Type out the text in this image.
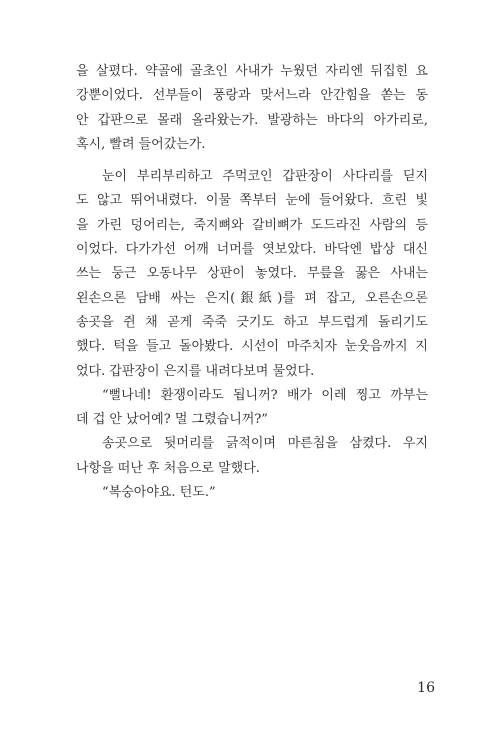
을 살폈다. 약골에 골초인 사내가 누웠던 자리엔 뒤집힌 요
강뿐이었다. 선부들이 풍랑과 맞서느라 안간힘을 쏟는 동
안 갑판으로 몰래 올라왔는가. 발광하는 바다의 아가리로,
혹시, 빨려 들어갔는가.
눈이 부리부리하고 주먹코인 갑판장이 사다리를 딛지
도 않고 뛰어내렸다. 이물 쪽부터 눈에 들어왔다. 흐린 빛
을 가린 덩어리는, 죽지뼈와 갈비뼈가 도드라진 사람의 등
이었다. 다가가선 어깨 너머를 엿보았다. 바닥엔 밥상 대신
쓰는 둥근 오동나무 상판이 놓였다. 무릎을 꿇은 사내는
왼손으론 담배 싸는 은지(銀紙)를 펴 잡고, 오른손으론
송곳을 쥔 채 곧게 죽죽 긋기도 하고 부드럽게 돌리기도
했다. 턱을 들고 돌아봤다. 시선이 마주치자 눈웃음까지 지
었다. 갑판장이 은지를 내려다보며 물었다.
“뻘나네! 환쟁이라도 됩니꺼? 배가 이레 찡고 까부는
데 겁 안 났어예? 멀 그렸습니꺼?”
송곳으로 뒷머리를 긁적이며 마른침을 삼켰다. 우지
나항을 떠난 후 처음으로 말했다.
“복숭아야요. 턴도.”
16
